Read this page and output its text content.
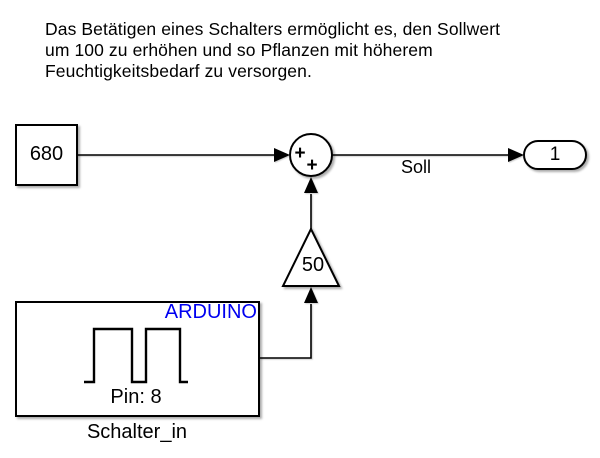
Das Betätigen eines Schalters ermöglicht es, den Sollwert
um 100 zu erhöhen und so Pflanzen mit höherem
Feuchtigkeitsbedarf zu versorgen.
680	+
+
50
1
Soll
ARDUINO
Pin: 8
Schalter_in
